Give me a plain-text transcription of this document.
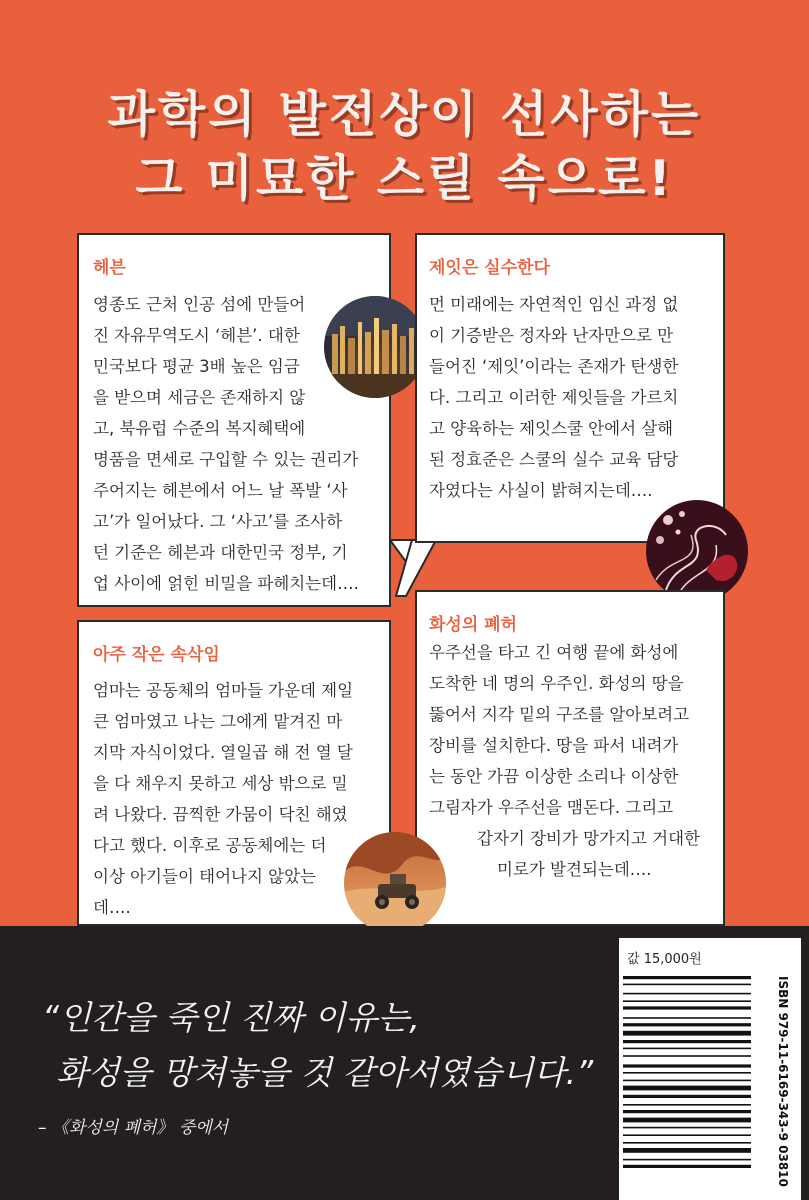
과학의 발전상이 선사하는
그 미묘한 스릴 속으로!
헤븐
영종도 근처 인공 섬에 만들어
진 자유무역도시 ‘헤븐’. 대한
민국보다 평균 3배 높은 임금
을 받으며 세금은 존재하지 않
고, 북유럽 수준의 복지혜택에
명품을 면세로 구입할 수 있는 권리가
주어지는 헤븐에서 어느 날 폭발 ‘사
고’가 일어났다. 그 ‘사고’를 조사하
던 기준은 헤븐과 대한민국 정부, 기
업 사이에 얽힌 비밀을 파헤치는데….
제잇은 실수한다
먼 미래에는 자연적인 임신 과정 없
이 기증받은 정자와 난자만으로 만
들어진 ‘제잇’이라는 존재가 탄생한
다. 그리고 이러한 제잇들을 가르치
고 양육하는 제잇스쿨 안에서 살해
된 정효준은 스쿨의 실수 교육 담당
자였다는 사실이 밝혀지는데….
아주 작은 속삭임
엄마는 공동체의 엄마들 가운데 제일
큰 엄마였고 나는 그에게 맡겨진 마
지막 자식이었다. 열일곱 해 전 열 달
을 다 채우지 못하고 세상 밖으로 밀
려 나왔다. 끔찍한 가뭄이 닥친 해였
다고 했다. 이후로 공동체에는 더
이상 아기들이 태어나지 않았는
데….
화성의 폐허
우주선을 타고 긴 여행 끝에 화성에
도착한 네 명의 우주인. 화성의 땅을
뚫어서 지각 밑의 구조를 알아보려고
장비를 설치한다. 땅을 파서 내려가
는 동안 가끔 이상한 소리나 이상한
그림자가 우주선을 맴돈다. 그리고
갑자기 장비가 망가지고 거대한
미로가 발견되는데….
“인간을 죽인 진짜 이유는,
화성을 망쳐놓을 것 같아서였습니다.”
– 《화성의 폐허》 중에서
값 15,000원
ISBN 979-11-6169-343-9 03810
